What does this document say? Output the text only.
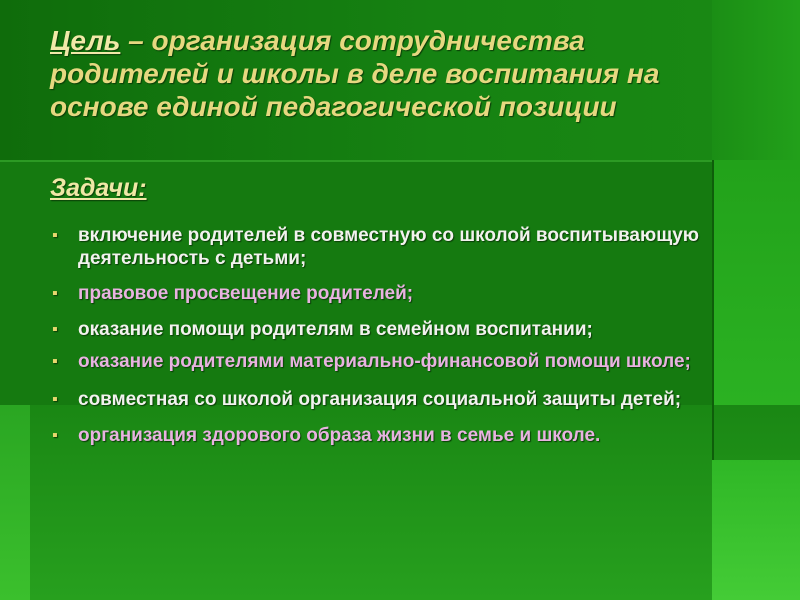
Цель – организация сотрудничества родителей и школы в деле воспитания на основе единой педагогической позиции
Задачи:
▪ включение родителей в совместную со школой воспитывающую деятельность с детьми;
▪ правовое просвещение родителей;
▪ оказание помощи родителям в семейном воспитании;
▪ оказание родителями материально-финансовой помощи школе;
▪ совместная со школой организация социальной защиты детей;
▪ организация здорового образа жизни в семье и школе.
